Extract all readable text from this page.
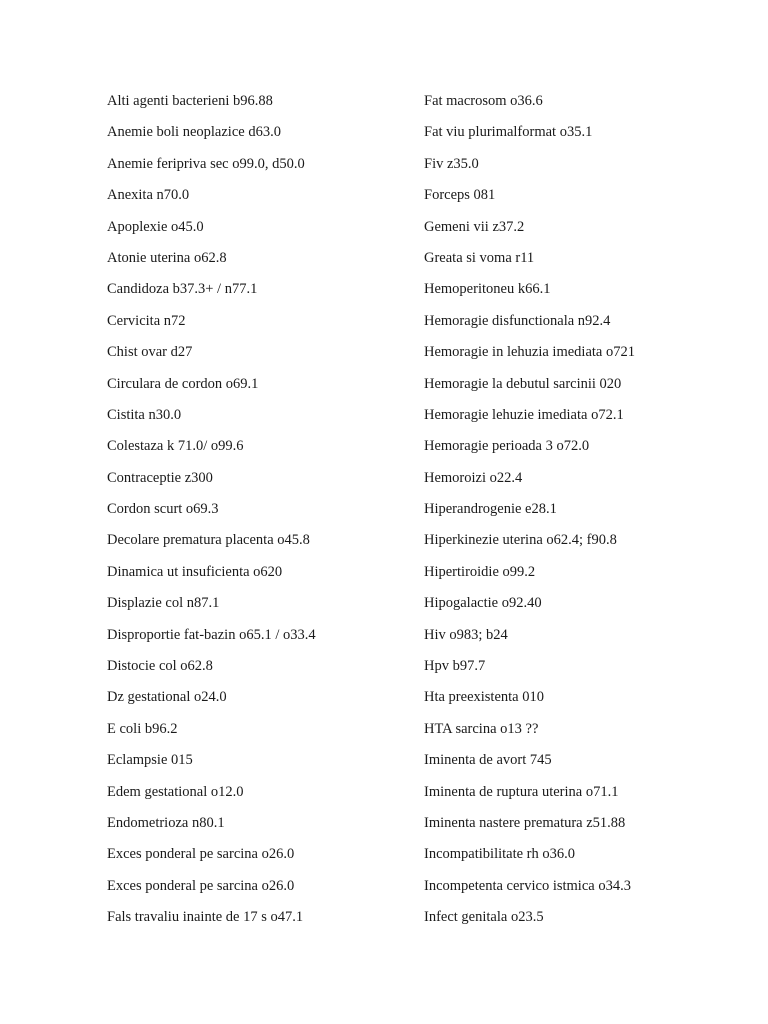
Alti agenti bacterieni b96.88
Anemie boli neoplazice d63.0
Anemie feripriva sec o99.0, d50.0
Anexita n70.0
Apoplexie o45.0
Atonie uterina o62.8
Candidoza b37.3+ / n77.1
Cervicita n72
Chist ovar d27
Circulara de cordon o69.1
Cistita n30.0
Colestaza k 71.0/ o99.6
Contraceptie z300
Cordon scurt o69.3
Decolare prematura placenta o45.8
Dinamica ut insuficienta o620
Displazie col n87.1
Disproportie fat-bazin o65.1 / o33.4
Distocie col o62.8
Dz gestational o24.0
E coli b96.2
Eclampsie 015
Edem gestational o12.0
Endometrioza n80.1
Exces ponderal pe sarcina o26.0
Exces ponderal pe sarcina o26.0
Fals travaliu inainte de 17 s o47.1
Fat macrosom o36.6
Fat viu plurimalformat o35.1
Fiv z35.0
Forceps 081
Gemeni vii z37.2
Greata si voma r11
Hemoperitoneu k66.1
Hemoragie disfunctionala n92.4
Hemoragie in lehuzia imediata o721
Hemoragie la debutul sarcinii 020
Hemoragie lehuzie imediata o72.1
Hemoragie perioada 3 o72.0
Hemoroizi o22.4
Hiperandrogenie e28.1
Hiperkinezie uterina o62.4; f90.8
Hipertiroidie o99.2
Hipogalactie o92.40
Hiv o983; b24
Hpv b97.7
Hta preexistenta 010
HTA sarcina o13 ??
Iminenta de avort 745
Iminenta de ruptura uterina o71.1
Iminenta nastere prematura z51.88
Incompatibilitate rh o36.0
Incompetenta cervico istmica o34.3
Infect genitala o23.5
